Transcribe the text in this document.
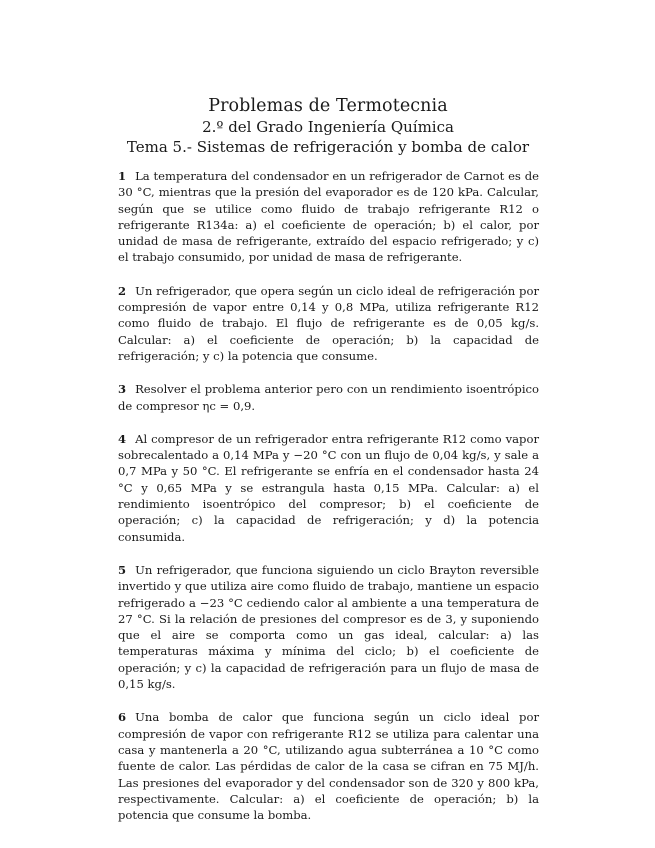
Problemas de Termotecnia
2.º del Grado Ingeniería Química
Tema 5.- Sistemas de refrigeración y bomba de calor

1 La temperatura del condensador en un refrigerador de Carnot es de 30 °C, mientras que la presión del evaporador es de 120 kPa. Calcular, según que se utilice como fluido de trabajo refrigerante R12 o refrigerante R134a: a) el coeficiente de operación; b) el calor, por unidad de masa de refrigerante, extraído del espacio refrigerado; y c) el trabajo consumido, por unidad de masa de refrigerante.

2 Un refrigerador, que opera según un ciclo ideal de refrigeración por compresión de vapor entre 0,14 y 0,8 MPa, utiliza refrigerante R12 como fluido de trabajo. El flujo de refrigerante es de 0,05 kg/s. Calcular: a) el coeficiente de operación; b) la capacidad de refrigeración; y c) la potencia que consume.

3 Resolver el problema anterior pero con un rendimiento isoentrópico de compresor ηc = 0,9.

4 Al compresor de un refrigerador entra refrigerante R12 como vapor sobrecalentado a 0,14 MPa y −20 °C con un flujo de 0,04 kg/s, y sale a 0,7 MPa y 50 °C. El refrigerante se enfría en el condensador hasta 24 °C y 0,65 MPa y se estrangula hasta 0,15 MPa. Calcular: a) el rendimiento isoentrópico del compresor; b) el coeficiente de operación; c) la capacidad de refrigeración; y d) la potencia consumida.

5 Un refrigerador, que funciona siguiendo un ciclo Brayton reversible invertido y que utiliza aire como fluido de trabajo, mantiene un espacio refrigerado a −23 °C cediendo calor al ambiente a una temperatura de 27 °C. Si la relación de presiones del compresor es de 3, y suponiendo que el aire se comporta como un gas ideal, calcular: a) las temperaturas máxima y mínima del ciclo; b) el coeficiente de operación; y c) la capacidad de refrigeración para un flujo de masa de 0,15 kg/s.

6 Una bomba de calor que funciona según un ciclo ideal por compresión de vapor con refrigerante R12 se utiliza para calentar una casa y mantenerla a 20 °C, utilizando agua subterránea a 10 °C como fuente de calor. Las pérdidas de calor de la casa se cifran en 75 MJ/h. Las presiones del evaporador y del condensador son de 320 y 800 kPa, respectivamente. Calcular: a) el coeficiente de operación; b) la potencia que consume la bomba.
